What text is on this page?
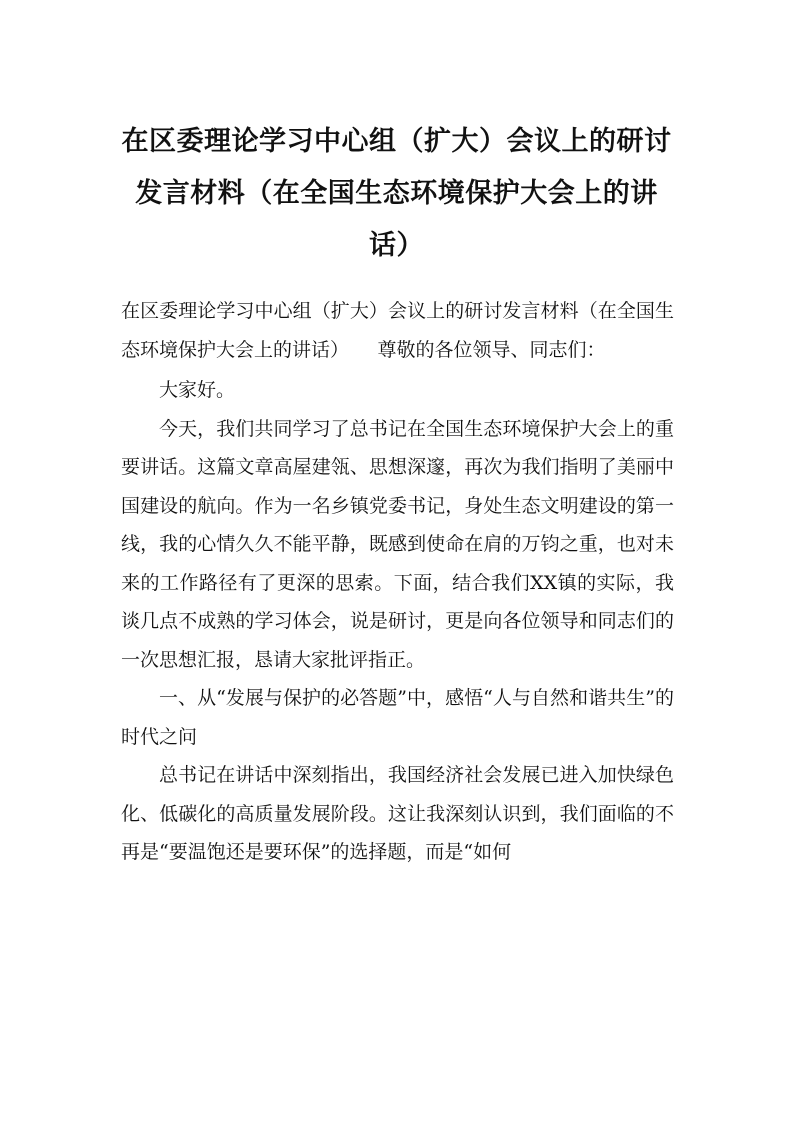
在区委理论学习中心组（扩大）会议上的研讨发言材料（在全国生态环境保护大会上的讲话）

在区委理论学习中心组（扩大）会议上的研讨发言材料（在全国生态环境保护大会上的讲话）　　尊敬的各位领导、同志们：

大家好。

今天，我们共同学习了总书记在全国生态环境保护大会上的重要讲话。这篇文章高屋建瓴、思想深邃，再次为我们指明了美丽中国建设的航向。作为一名乡镇党委书记，身处生态文明建设的第一线，我的心情久久不能平静，既感到使命在肩的万钧之重，也对未来的工作路径有了更深的思索。下面，结合我们XX镇的实际，我谈几点不成熟的学习体会，说是研讨，更是向各位领导和同志们的一次思想汇报，恳请大家批评指正。

一、从“发展与保护的必答题”中，感悟“人与自然和谐共生”的时代之问

总书记在讲话中深刻指出，我国经济社会发展已进入加快绿色化、低碳化的高质量发展阶段。这让我深刻认识到，我们面临的不再是“要温饱还是要环保”的选择题，而是“如何
